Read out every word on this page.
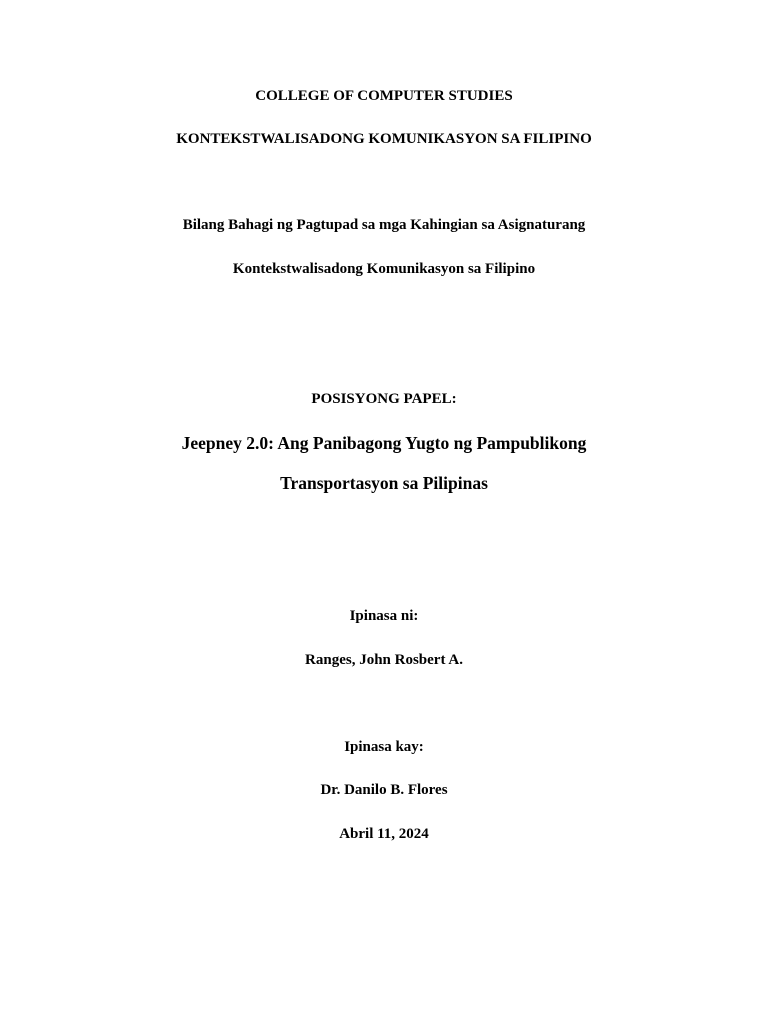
COLLEGE OF COMPUTER STUDIES
KONTEKSTWALISADONG KOMUNIKASYON SA FILIPINO
Bilang Bahagi ng Pagtupad sa mga Kahingian sa Asignaturang
Kontekstwalisadong Komunikasyon sa Filipino
POSISYONG PAPEL:
Jeepney 2.0: Ang Panibagong Yugto ng Pampublikong
Transportasyon sa Pilipinas
Ipinasa ni:
Ranges, John Rosbert A.
Ipinasa kay:
Dr. Danilo B. Flores
Abril 11, 2024
